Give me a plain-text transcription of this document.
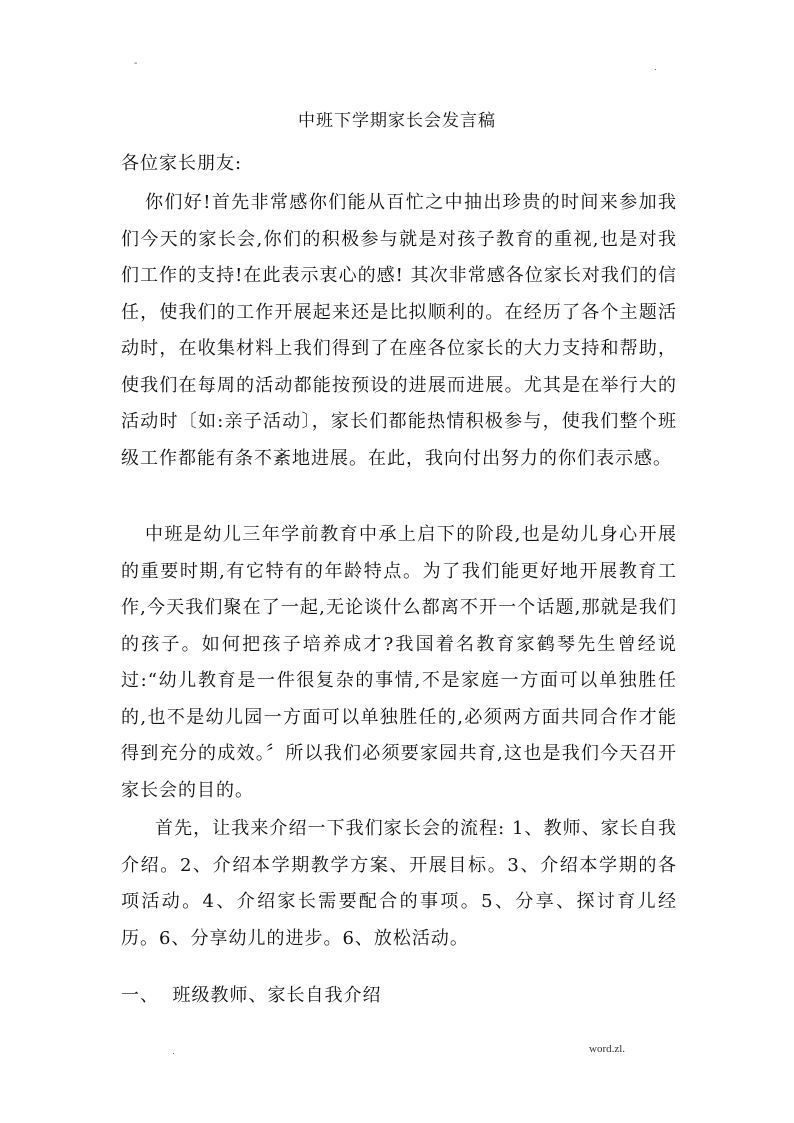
-	.
中班下学期家长会发言稿
各位家长朋友:

你们好!首先非常感你们能从百忙之中抽出珍贵的时间来参加我们今天的家长会,你们的积极参与就是对孩子教育的重视,也是对我们工作的支持!在此表示衷心的感! 其次非常感各位家长对我们的信任，使我们的工作开展起来还是比拟顺利的。在经历了各个主题活动时，在收集材料上我们得到了在座各位家长的大力支持和帮助，使我们在每周的活动都能按预设的进展而进展。尤其是在举行大的活动时〔如:亲子活动〕，家长们都能热情积极参与，使我们整个班级工作都能有条不紊地进展。在此，我向付出努力的你们表示感。

中班是幼儿三年学前教育中承上启下的阶段,也是幼儿身心开展的重要时期,有它特有的年龄特点。为了我们能更好地开展教育工作,今天我们聚在了一起,无论谈什么都离不开一个话题,那就是我们的孩子。如何把孩子培养成才?我国着名教育家鹤琴先生曾经说过:“幼儿教育是一件很复杂的事情,不是家庭一方面可以单独胜任的,也不是幼儿园一方面可以单独胜任的,必须两方面共同合作才能得到充分的成效。〞所以我们必须要家园共育,这也是我们今天召开家长会的目的。

首先，让我来介绍一下我们家长会的流程: 1、教师、家长自我介绍。2、介绍本学期教学方案、开展目标。3、介绍本学期的各项活动。4、介绍家长需要配合的事项。5、分享、探讨育儿经历。6、分享幼儿的进步。6、放松活动。

一、  班级教师、家长自我介绍
.	word.zl.
